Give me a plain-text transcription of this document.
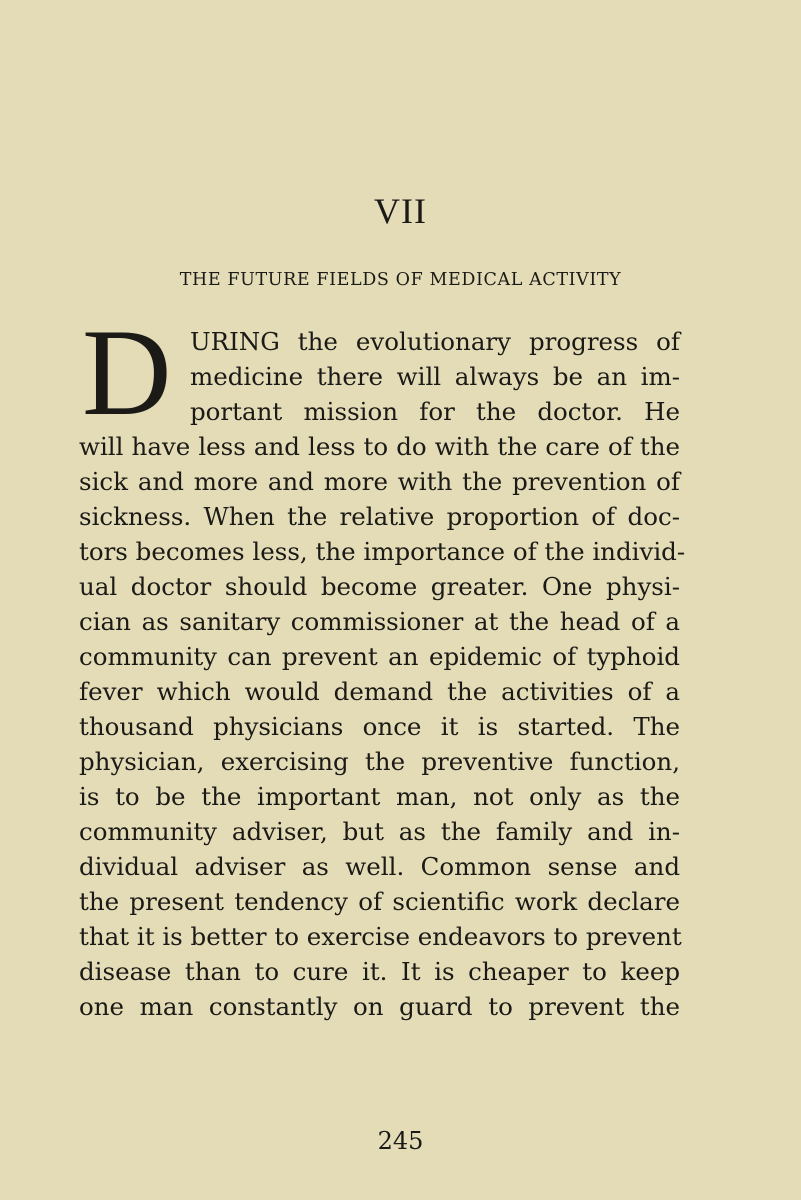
VII
THE FUTURE FIELDS OF MEDICAL ACTIVITY
D URING the evolutionary progress of
medicine there will always be an im-
portant mission for the doctor. He
will have less and less to do with the care of the
sick and more and more with the prevention of
sickness. When the relative proportion of doc-
tors becomes less, the importance of the individ-
ual doctor should become greater. One physi-
cian as sanitary commissioner at the head of a
community can prevent an epidemic of typhoid
fever which would demand the activities of a
thousand physicians once it is started. The
physician, exercising the preventive function,
is to be the important man, not only as the
community adviser, but as the family and in-
dividual adviser as well. Common sense and
the present tendency of scientific work declare
that it is better to exercise endeavors to prevent
disease than to cure it. It is cheaper to keep
one man constantly on guard to prevent the
245
